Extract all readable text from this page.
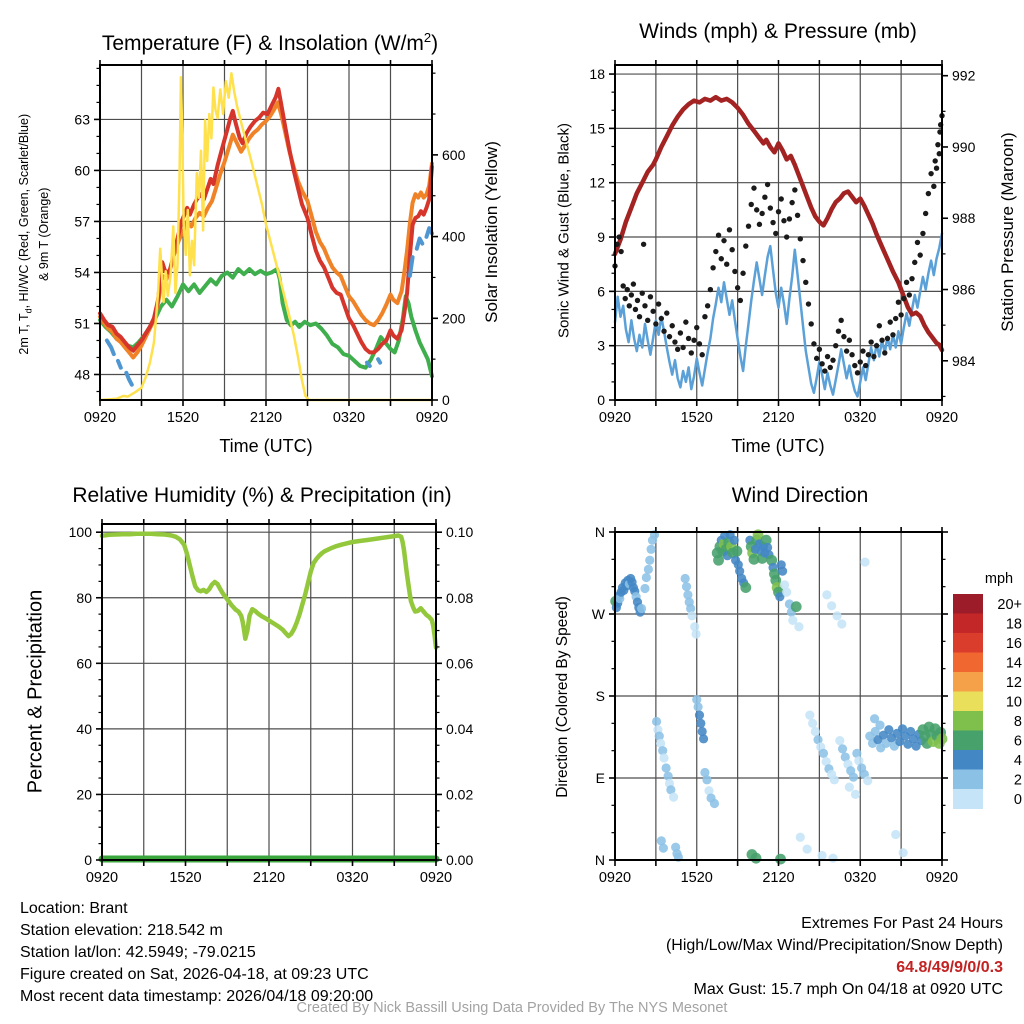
48
51
54
57
60
63
0
200
400
600
0920	1520	2120	0320	0920
0
3
6
9
12
15
18
984
986
988
990
992
0920	1520	2120	0320	0920
0
20
40
60
80
100
0.00
0.02
0.04
0.06
0.08
0.10
0920	1520	2120	0320	0920
N
W
S
E
N
0920	1520	2120	0320	0920
mph
20+
18
16
14
12
10
8
6
4
2
0
Temperature (F) & Insolation $(W/m^2)$
Winds (mph) & Pressure (mb)
Relative Humidity (%) & Precipitation (in)	Wind Direction
2m T, $T_d$, HI/WC (Red, Green, Scarlet/Blue) & 9m T (Orange)	Solar Insolation (Yellow)	Sonic Wind & Gust (Blue, Black)	Station Pressure (Maroon)
Percent & Precipitation	Direction (Colored By Speed)
Time (UTC)	Time (UTC)
Location: Brant
Station elevation: 218.542 m
Station lat/lon: 42.5949; -79.0215
Figure created on Sat, 2026-04-18, at 09:23 UTC
Most recent data timestamp: 2026/04/18 09:20:00
Extremes For Past 24 Hours
(High/Low/Max Wind/Precipitation/Snow Depth)
64.8/49/9/0/0.3
Max Gust: 15.7 mph On 04/18 at 0920 UTC
Created By Nick Bassill Using Data Provided By The NYS Mesonet
